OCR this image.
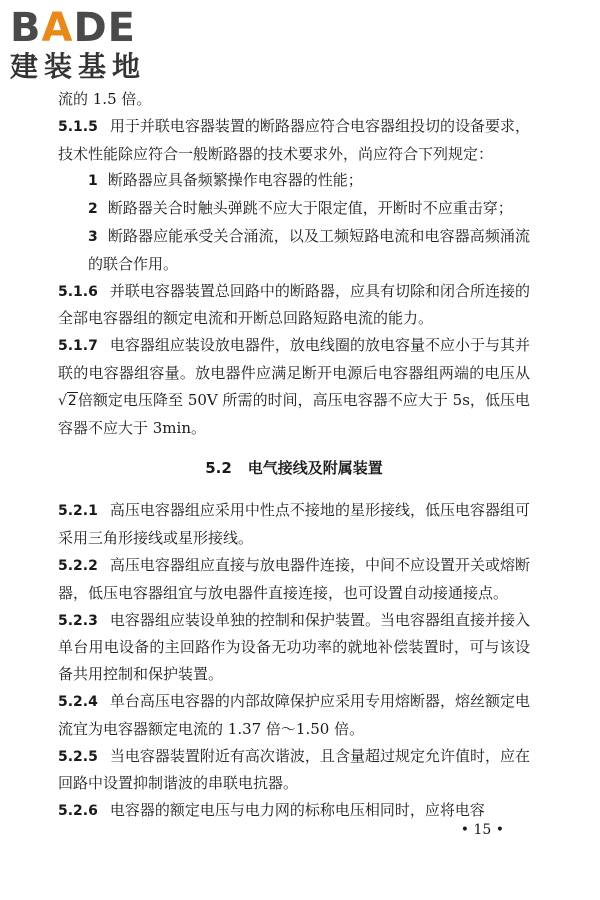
BADE
建装基地

流的 1.5 倍。

5.1.5 用于并联电容器装置的断路器应符合电容器组投切的设备要求，技术性能除应符合一般断路器的技术要求外，尚应符合下列规定：

1 断路器应具备频繁操作电容器的性能；

2 断路器关合时触头弹跳不应大于限定值，开断时不应重击穿；

3 断路器应能承受关合涌流，以及工频短路电流和电容器高频涌流的联合作用。

5.1.6 并联电容器装置总回路中的断路器，应具有切除和闭合所连接的全部电容器组的额定电流和开断总回路短路电流的能力。

5.1.7 电容器组应装设放电器件，放电线圈的放电容量不应小于与其并联的电容器组容量。放电器件应满足断开电源后电容器组两端的电压从√2倍额定电压降至 50V 所需的时间，高压电容器不应大于 5s，低压电容器不应大于 3min。

5.2 电气接线及附属装置

5.2.1 高压电容器组应采用中性点不接地的星形接线，低压电容器组可采用三角形接线或星形接线。

5.2.2 高压电容器组应直接与放电器件连接，中间不应设置开关或熔断器，低压电容器组宜与放电器件直接连接，也可设置自动接通接点。

5.2.3 电容器组应装设单独的控制和保护装置。当电容器组直接并接入单台用电设备的主回路作为设备无功功率的就地补偿装置时，可与该设备共用控制和保护装置。

5.2.4 单台高压电容器的内部故障保护应采用专用熔断器，熔丝额定电流宜为电容器额定电流的 1.37 倍～1.50 倍。

5.2.5 当电容器装置附近有高次谐波，且含量超过规定允许值时，应在回路中设置抑制谐波的串联电抗器。

5.2.6 电容器的额定电压与电力网的标称电压相同时，应将电容

• 15 •
